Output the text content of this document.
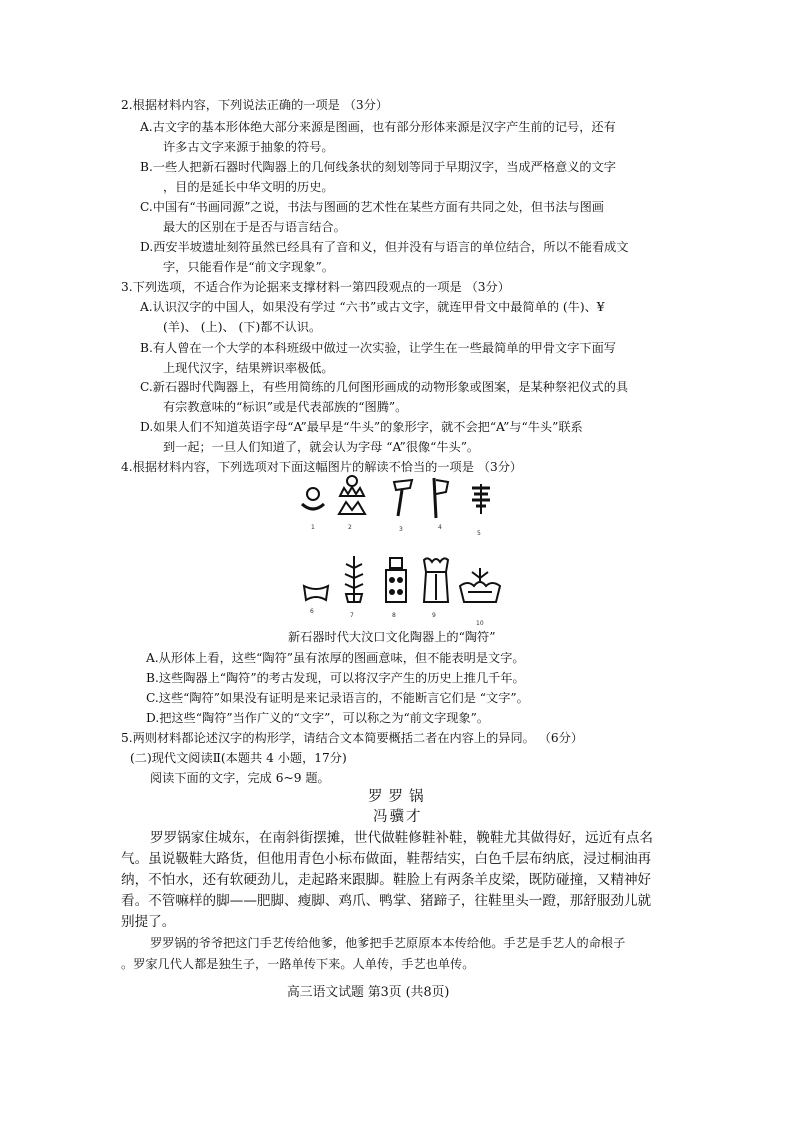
2.根据材料内容，下列说法正确的一项是 （3分）
A.古文字的基本形体绝大部分来源是图画，也有部分形体来源是汉字产生前的记号，还有
许多古文字来源于抽象的符号。
B.一些人把新石器时代陶器上的几何线条状的刻划等同于早期汉字，当成严格意义的文字
，目的是延长中华文明的历史。
C.中国有“书画同源”之说，书法与图画的艺术性在某些方面有共同之处，但书法与图画
最大的区别在于是否与语言结合。
D.西安半坡遗址刻符虽然已经具有了音和义，但并没有与语言的单位结合，所以不能看成文
字，只能看作是“前文字现象”。
3.下列选项，不适合作为论据来支撑材料一第四段观点的一项是 （3分）
A.认识汉字的中国人，如果没有学过 “六书”或古文字，就连甲骨文中最简单的 (牛)、¥
(羊)、 (上)、 (下)都不认识。
B.有人曾在一个大学的本科班级中做过一次实验，让学生在一些最简单的甲骨文字下面写
上现代汉字，结果辨识率极低。
C.新石器时代陶器上，有些用简练的几何图形画成的动物形象或图案，是某种祭祀仪式的具
有宗教意味的“标识”或是代表部族的“图腾”。
D.如果人们不知道英语字母“A”最早是“牛头”的象形字，就不会把“A”与“牛头”联系
到一起；一旦人们知道了，就会认为字母 “A”很像“牛头”。
4.根据材料内容，下列选项对下面这幅图片的解读不恰当的一项是 （3分）
1	2	3	4
5
6
7	8	9
10
新石器时代大汶口文化陶器上的“陶符”
A.从形体上看，这些“陶符”虽有浓厚的图画意味，但不能表明是文字。
B.这些陶器上“陶符”的考古发现，可以将汉字产生的历史上推几千年。
C.这些“陶符”如果没有证明是来记录语言的，不能断言它们是 “文字”。
D.把这些“陶符”当作广义的“文字”，可以称之为“前文字现象”。
5.两则材料都论述汉字的构形学，请结合文本简要概括二者在内容上的异同。 （6分）
(二)现代文阅读Ⅱ(本题共 4 小题，17分)
阅读下面的文字，完成 6~9 题。
罗罗锅
冯骥才
罗罗锅家住城东，在南斜街摆摊，世代做鞋修鞋补鞋，鞔鞋尤其做得好，远近有点名
气。虽说靸鞋大路货，但他用青色小标布做面，鞋帮结实，白色千层布纳底，浸过桐油再
纳，不怕水，还有软硬劲儿，走起路来跟脚。鞋脸上有两条羊皮梁，既防碰撞，又精神好
看。不管嘛样的脚——肥脚、瘦脚、鸡爪、鸭掌、猪蹄子，往鞋里头一蹬，那舒服劲儿就
别提了。
罗罗锅的爷爷把这门手艺传给他爹，他爹把手艺原原本本传给他。手艺是手艺人的命根子
。罗家几代人都是独生子，一路单传下来。人单传，手艺也单传。
高三语文试题 第3页 (共8页)
